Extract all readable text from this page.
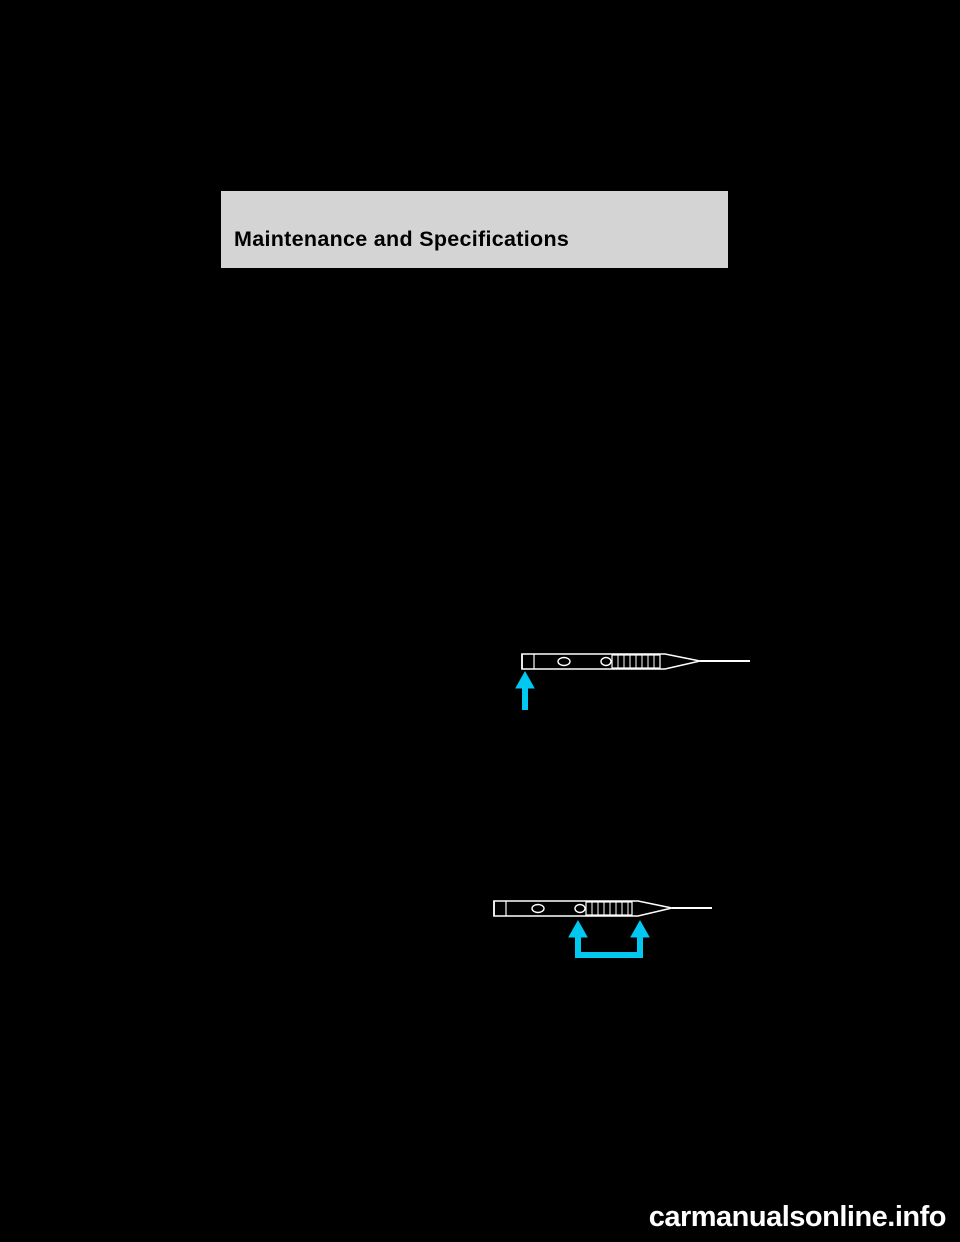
Maintenance and Specifications
carmanualsonline.info
